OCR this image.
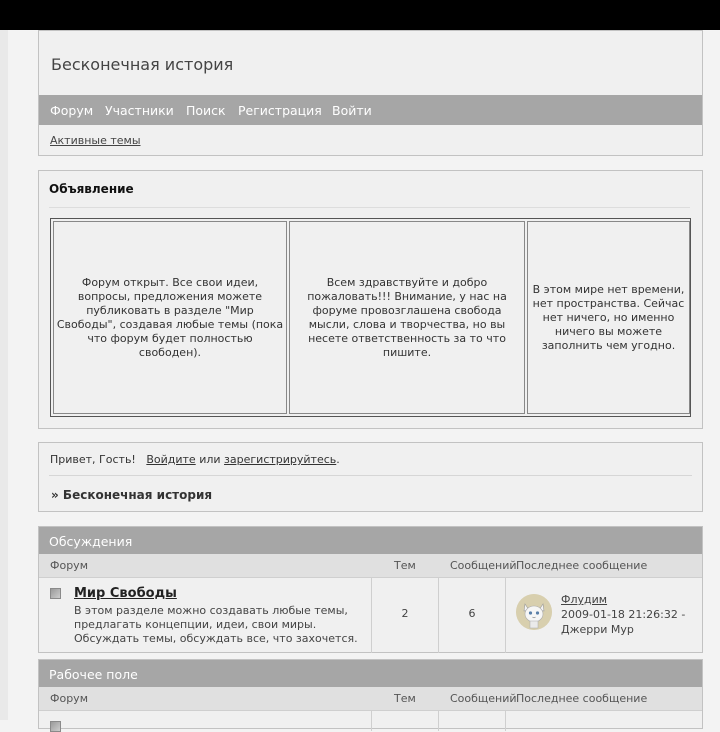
Бесконечная история
Форум Участники Поиск Регистрация Войти
Активные темы
Объявление
Форум открыт. Все свои идеи, вопросы, предложения можете публиковать в разделе "Мир Свободы", создавая любые темы (пока что форум будет полностью свободен).
Всем здравствуйте и добро пожаловать!!! Внимание, у нас на форуме провозглашена свобода мысли, слова и творчества, но вы несете ответственность за то что пишите.
В этом мире нет времени, нет пространства. Сейчас нет ничего, но именно ничего вы можете заполнить чем угодно.
Привет, Гость! Войдите или зарегистрируйтесь.
» Бесконечная история
Обсуждения
Форум	Тем	Сообщений Последнее сообщение
Мир Свободы
В этом разделе можно создавать любые темы, предлагать концепции, идеи, свои миры. Обсуждать темы, обсуждать все, что захочется.
2	6
Флудим
2009-01-18 21:26:32 - Джерри Мур
Рабочее поле
Форум	Тем	Сообщений Последнее сообщение
